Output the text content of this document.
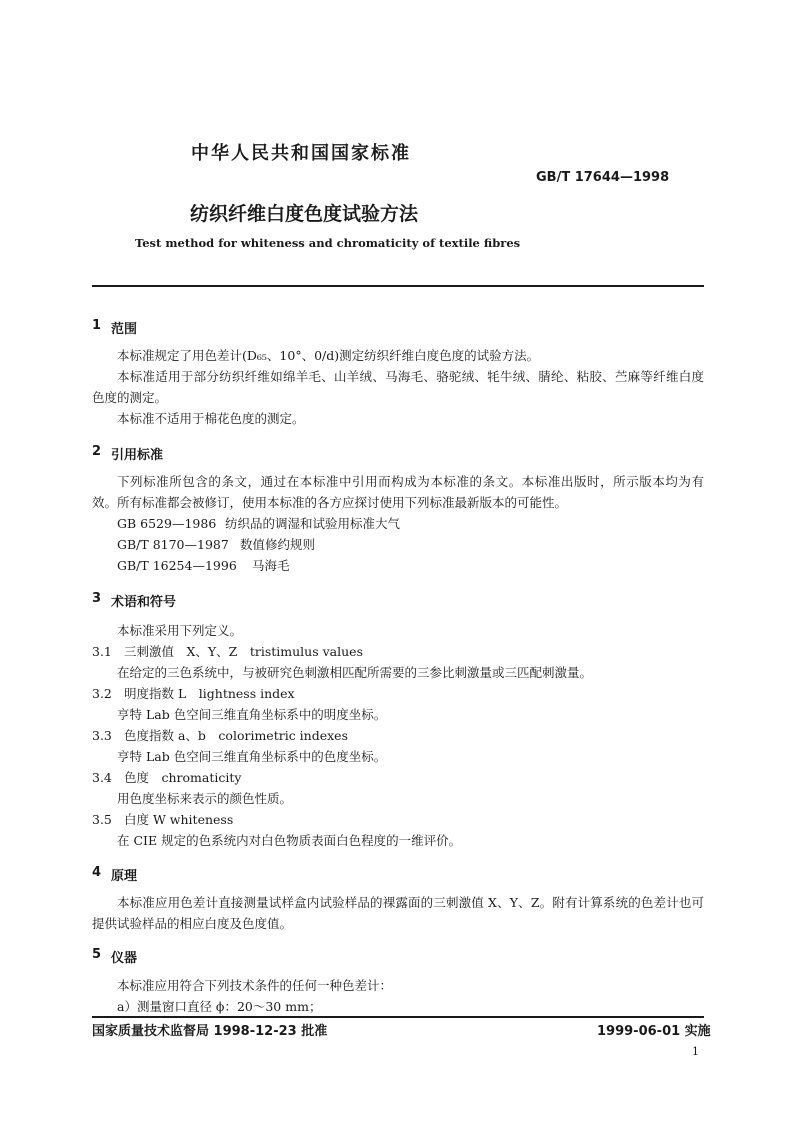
中华人民共和国国家标准
GB/T 17644—1998
纺织纤维白度色度试验方法
Test method for whiteness and chromaticity of textile fibres
1 范围
本标准规定了用色差计(D₆₅、10°、0/d)测定纺织纤维白度色度的试验方法。
本标准适用于部分纺织纤维如绵羊毛、山羊绒、马海毛、骆驼绒、牦牛绒、腈纶、粘胶、苎麻等纤维白度色度的测定。
本标准不适用于棉花色度的测定。
2 引用标准
下列标准所包含的条文，通过在本标准中引用而构成为本标准的条文。本标准出版时，所示版本均为有效。所有标准都会被修订，使用本标准的各方应探讨使用下列标准最新版本的可能性。
GB 6529—1986 纺织品的调湿和试验用标准大气
GB/T 8170—1987 数值修约规则
GB/T 16254—1996 马海毛
3 术语和符号
本标准采用下列定义。
3.1 三刺激值　X、Y、Z　tristimulus values
在给定的三色系统中，与被研究色刺激相匹配所需要的三参比刺激量或三匹配刺激量。
3.2 明度指数 L　lightness index
亨特 Lab 色空间三维直角坐标系中的明度坐标。
3.3 色度指数 a、b　colorimetric indexes
亨特 Lab 色空间三维直角坐标系中的色度坐标。
3.4 色度　chromaticity
用色度坐标来表示的颜色性质。
3.5 白度 W whiteness
在 CIE 规定的色系统内对白色物质表面白色程度的一维评价。
4 原理
本标准应用色差计直接测量试样盒内试验样品的裸露面的三刺激值 X、Y、Z。附有计算系统的色差计也可提供试验样品的相应白度及色度值。
5 仪器
本标准应用符合下列技术条件的任何一种色差计：
a）测量窗口直径 ϕ：20～30 mm；
国家质量技术监督局 1998-12-23 批准	1999-06-01 实施
1
